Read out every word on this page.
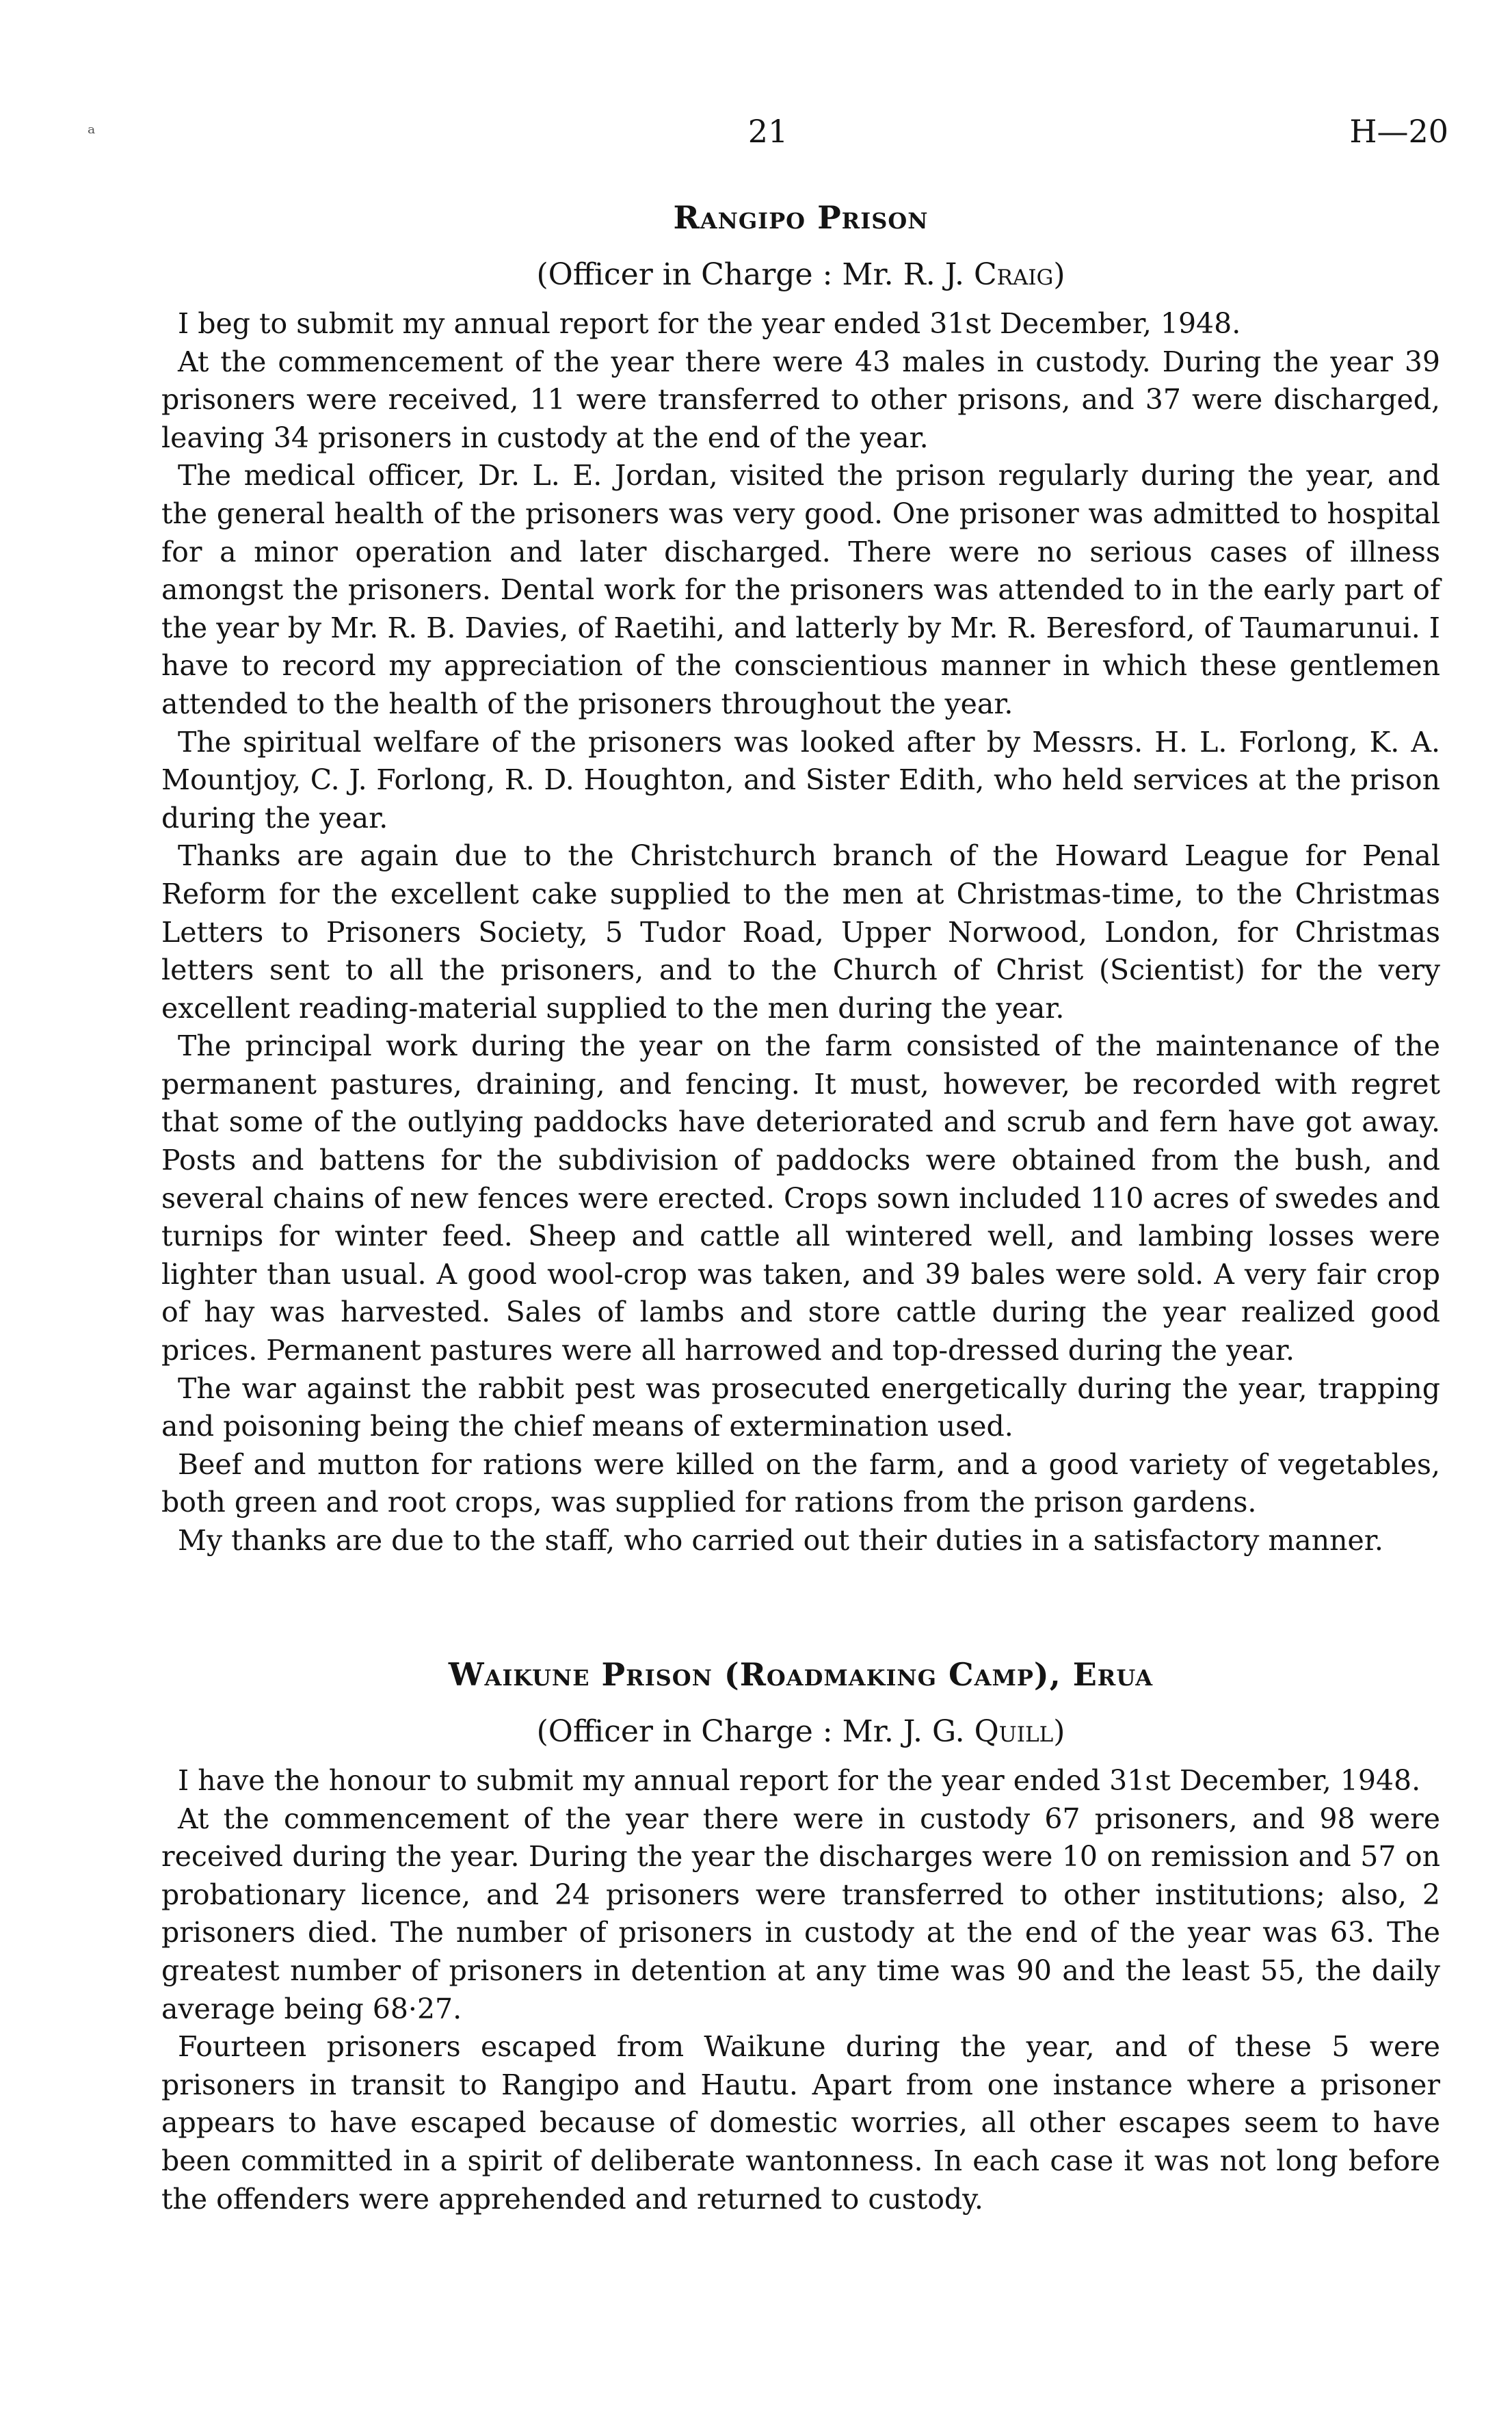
ᵃ	21	H—20
Rangipo Prison
(Officer in Charge : Mr. R. J. Craig)

I beg to submit my annual report for the year ended 31st December, 1948.

At the commencement of the year there were 43 males in custody. During the year 39 prisoners were received, 11 were transferred to other prisons, and 37 were discharged, leaving 34 prisoners in custody at the end of the year.

The medical officer, Dr. L. E. Jordan, visited the prison regularly during the year, and the general health of the prisoners was very good. One prisoner was admitted to hospital for a minor operation and later discharged. There were no serious cases of illness amongst the prisoners. Dental work for the prisoners was attended to in the early part of the year by Mr. R. B. Davies, of Raetihi, and latterly by Mr. R. Beresford, of Taumarunui. I have to record my appreciation of the conscientious manner in which these gentlemen attended to the health of the prisoners throughout the year.

The spiritual welfare of the prisoners was looked after by Messrs. H. L. Forlong, K. A. Mountjoy, C. J. Forlong, R. D. Houghton, and Sister Edith, who held services at the prison during the year.

Thanks are again due to the Christchurch branch of the Howard League for Penal Reform for the excellent cake supplied to the men at Christmas-time, to the Christmas Letters to Prisoners Society, 5 Tudor Road, Upper Norwood, London, for Christmas letters sent to all the prisoners, and to the Church of Christ (Scientist) for the very excellent reading-material supplied to the men during the year.

The principal work during the year on the farm consisted of the maintenance of the permanent pastures, draining, and fencing. It must, however, be recorded with regret that some of the outlying paddocks have deteriorated and scrub and fern have got away. Posts and battens for the subdivision of paddocks were obtained from the bush, and several chains of new fences were erected. Crops sown included 110 acres of swedes and turnips for winter feed. Sheep and cattle all wintered well, and lambing losses were lighter than usual. A good wool-crop was taken, and 39 bales were sold. A very fair crop of hay was harvested. Sales of lambs and store cattle during the year realized good prices. Permanent pastures were all harrowed and top-dressed during the year.

The war against the rabbit pest was prosecuted energetically during the year, trapping and poisoning being the chief means of extermination used.

Beef and mutton for rations were killed on the farm, and a good variety of vegetables, both green and root crops, was supplied for rations from the prison gardens.

My thanks are due to the staff, who carried out their duties in a satisfactory manner.

Waikune Prison (Roadmaking Camp), Erua
(Officer in Charge : Mr. J. G. Quill)

I have the honour to submit my annual report for the year ended 31st December, 1948.

At the commencement of the year there were in custody 67 prisoners, and 98 were received during the year. During the year the discharges were 10 on remission and 57 on probationary licence, and 24 prisoners were transferred to other institutions; also, 2 prisoners died. The number of prisoners in custody at the end of the year was 63. The greatest number of prisoners in detention at any time was 90 and the least 55, the daily average being 68·27.

Fourteen prisoners escaped from Waikune during the year, and of these 5 were prisoners in transit to Rangipo and Hautu. Apart from one instance where a prisoner appears to have escaped because of domestic worries, all other escapes seem to have been committed in a spirit of deliberate wantonness. In each case it was not long before the offenders were apprehended and returned to custody.
